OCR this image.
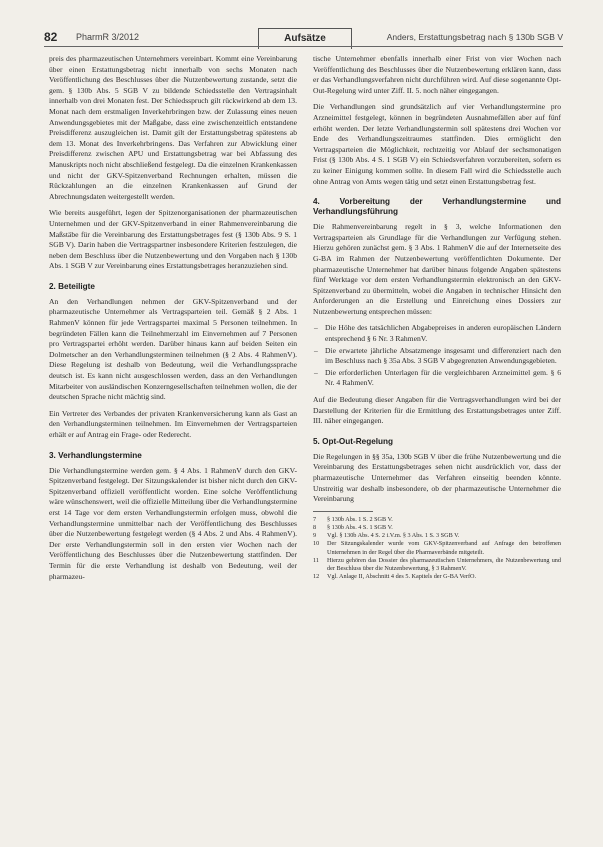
82 PharmR 3/2012	Aufsätze	Anders, Erstattungsbetrag nach § 130b SGB V

preis des pharmazeutischen Unternehmers vereinbart. Kommt eine Vereinbarung über einen Erstattungsbetrag nicht innerhalb von sechs Monaten nach Veröffentlichung des Beschlusses über die Nutzenbewertung zustande, setzt die gem. § 130b Abs. 5 SGB V zu bildende Schiedsstelle den Vertragsinhalt innerhalb von drei Monaten fest. Der Schiedsspruch gilt rückwirkend ab dem 13. Monat nach dem erstmaligen Inverkehrbringen bzw. der Zulassung eines neuen Anwendungsgebietes mit der Maßgabe, dass eine zwischenzeitlich entstandene Preisdifferenz auszugleichen ist. Damit gilt der Erstattungsbetrag spätestens ab dem 13. Monat des Inverkehrbringens. Das Verfahren zur Abwicklung einer Preisdifferenz zwischen APU und Erstattungsbetrag war bei Abfassung des Manuskripts noch nicht abschließend festgelegt. Da die einzelnen Krankenkassen und nicht der GKV-Spitzenverband Rechnungen erhalten, müssen die Rückzahlungen an die einzelnen Krankenkassen auf Grund der Abrechnungsdaten weitergestellt werden.

Wie bereits ausgeführt, legen der Spitzenorganisationen der pharmazeutischen Unternehmen und der GKV-Spitzenverband in einer Rahmenvereinbarung die Maßstäbe für die Vereinbarung des Erstattungsbetrages fest (§ 130b Abs. 9 S. 1 SGB V). Darin haben die Vertragspartner insbesondere Kriterien festzulegen, die neben dem Beschluss über die Nutzenbewertung und den Vorgaben nach § 130b Abs. 1 SGB V zur Vereinbarung eines Erstattungsbetrages heranzuziehen sind.

2. Beteiligte

An den Verhandlungen nehmen der GKV-Spitzenverband und der pharmazeutische Unternehmer als Vertragsparteien teil. Gemäß § 2 Abs. 1 RahmenV können für jede Vertragspartei maximal 5 Personen teilnehmen. In begründeten Fällen kann die Teilnehmerzahl im Einvernehmen auf 7 Personen pro Vertragspartei erhöht werden. Darüber hinaus kann auf beiden Seiten ein Dolmetscher an den Verhandlungsterminen teilnehmen (§ 2 Abs. 4 RahmenV). Diese Regelung ist deshalb von Bedeutung, weil die Verhandlungssprache deutsch ist. Es kann nicht ausgeschlossen werden, dass an den Verhandlungen Mitarbeiter von ausländischen Konzerngesellschaften teilnehmen wollen, die der deutschen Sprache nicht mächtig sind.

Ein Vertreter des Verbandes der privaten Krankenversicherung kann als Gast an den Verhandlungsterminen teilnehmen. Im Einvernehmen der Vertragsparteien erhält er auf Antrag ein Frage- oder Rederecht.

3. Verhandlungstermine

Die Verhandlungstermine werden gem. § 4 Abs. 1 RahmenV durch den GKV-Spitzenverband festgelegt. Der Sitzungskalender ist bisher nicht durch den GKV-Spitzenverband offiziell veröffentlicht worden. Eine solche Veröffentlichung wäre wünschenswert, weil die offizielle Mitteilung über die Verhandlungstermine erst 14 Tage vor dem ersten Verhandlungstermin erfolgen muss, obwohl die Verhandlungstermine unmittelbar nach der Veröffentlichung des Beschlusses über die Nutzenbewertung festgelegt werden (§ 4 Abs. 2 und Abs. 4 RahmenV). Der erste Verhandlungstermin soll in den ersten vier Wochen nach der Veröffentlichung des Beschlusses über die Nutzenbewertung stattfinden. Der Termin für die erste Verhandlung ist deshalb von Bedeutung, weil der pharmazeu-

tische Unternehmer ebenfalls innerhalb einer Frist von vier Wochen nach Veröffentlichung des Beschlusses über die Nutzenbewertung erklären kann, dass er das Verhandlungsverfahren nicht durchführen wird. Auf diese sogenannte Opt-Out-Regelung wird unter Ziff. II. 5. noch näher eingegangen.

Die Verhandlungen sind grundsätzlich auf vier Verhandlungstermine pro Arzneimittel festgelegt, können in begründeten Ausnahmefällen aber auf fünf erhöht werden. Der letzte Verhandlungstermin soll spätestens drei Wochen vor Ende des Verhandlungszeitraumes stattfinden. Dies ermöglicht den Vertragsparteien die Möglichkeit, rechtzeitig vor Ablauf der sechsmonatigen Frist (§ 130b Abs. 4 S. 1 SGB V) ein Schiedsverfahren vorzubereiten, sofern es zu keiner Einigung kommen sollte. In diesem Fall wird die Schiedsstelle auch ohne Antrag von Amts wegen tätig und setzt einen Erstattungsbetrag fest.

4. Vorbereitung der Verhandlungstermine und Verhandlungsführung

Die Rahmenvereinbarung regelt in § 3, welche Informationen den Vertragsparteien als Grundlage für die Verhandlungen zur Verfügung stehen. Hierzu gehören zunächst gem. § 3 Abs. 1 RahmenV die auf der Internetseite des G-BA im Rahmen der Nutzenbewertung veröffentlichten Dokumente. Der pharmazeutische Unternehmer hat darüber hinaus folgende Angaben spätestens fünf Werktage vor dem ersten Verhandlungstermin elektronisch an den GKV-Spitzenverband zu übermitteln, wobei die Angaben in technischer Hinsicht den Anforderungen an die Erstellung und Einreichung eines Dossiers zur Nutzenbewertung entsprechen müssen:

– Die Höhe des tatsächlichen Abgabepreises in anderen europäischen Ländern entsprechend § 6 Nr. 3 RahmenV.
– Die erwartete jährliche Absatzmenge insgesamt und differenziert nach den im Beschluss nach § 35a Abs. 3 SGB V abgegrenzten Anwendungsgebieten.
– Die erforderlichen Unterlagen für die vergleichbaren Arzneimittel gem. § 6 Nr. 4 RahmenV.

Auf die Bedeutung dieser Angaben für die Vertragsverhandlungen wird bei der Darstellung der Kriterien für die Ermittlung des Erstattungsbetrages unter Ziff. III. näher eingegangen.

5. Opt-Out-Regelung

Die Regelungen in §§ 35a, 130b SGB V über die frühe Nutzenbewertung und die Vereinbarung des Erstattungsbetrages sehen nicht ausdrücklich vor, dass der pharmazeutische Unternehmer das Verfahren einseitig beenden könnte. Unstreitig war deshalb insbesondere, ob der pharmazeutische Unternehmer die Vereinbarung

7	§ 130b Abs. 1 S. 2 SGB V.
8	§ 130b Abs. 4 S. 1 SGB V.
9	Vgl. § 130b Abs. 4 S. 2 i.V.m. § 3 Abs. 1 S. 3 SGB V.
10	Der Sitzungskalender wurde vom GKV-Spitzenverband auf Anfrage den betroffenen Unternehmen in der Regel über die Pharmaverbände mitgeteilt.
11	Hierzu gehören das Dossier des pharmazeutischen Unternehmers, die Nutzenbewertung und der Beschluss über die Nutzenbewertung, § 3 RahmenV.
12	Vgl. Anlage II, Abschnitt 4 des 5. Kapitels der G-BA VerfO.
